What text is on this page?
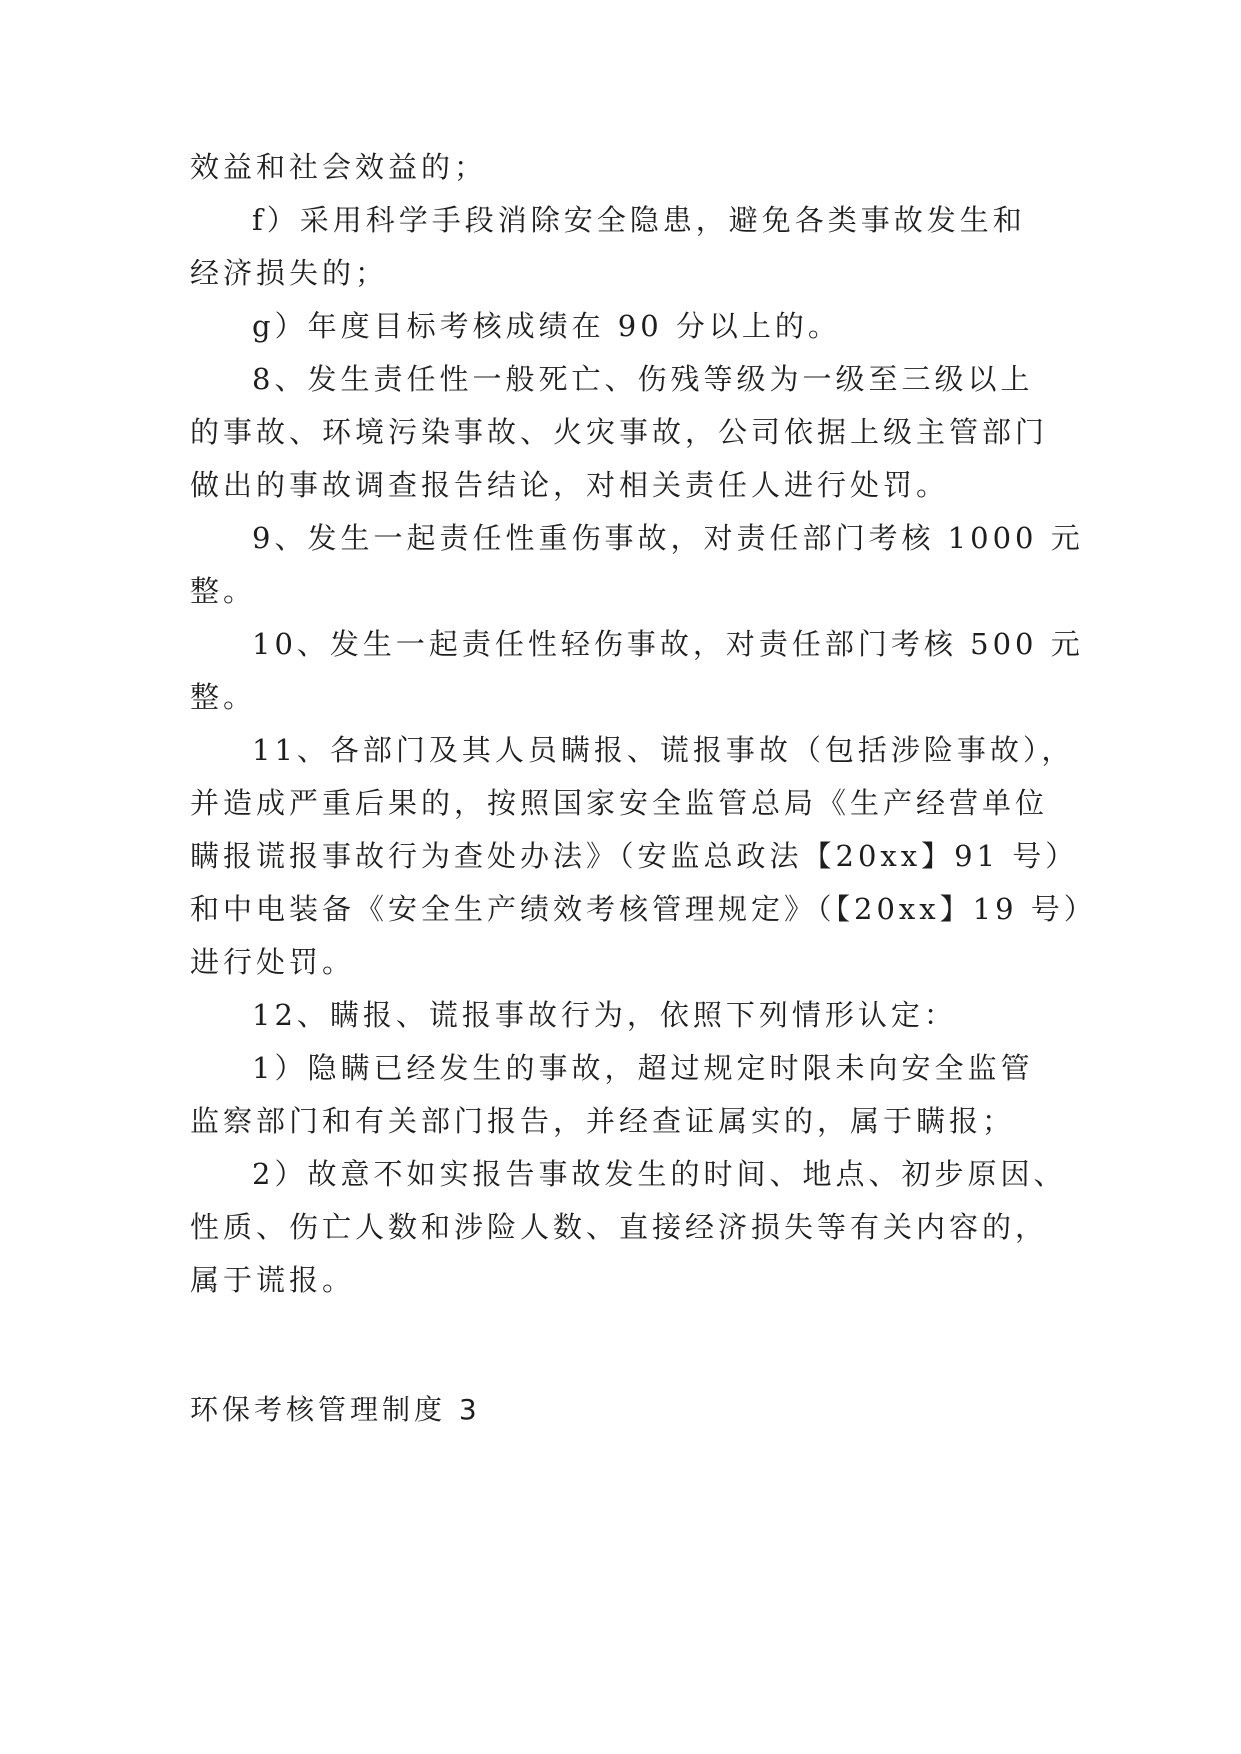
效益和社会效益的；
f）采用科学手段消除安全隐患，避免各类事故发生和
经济损失的；
g）年度目标考核成绩在 90 分以上的。
8、发生责任性一般死亡、伤残等级为一级至三级以上
的事故、环境污染事故、火灾事故，公司依据上级主管部门
做出的事故调查报告结论，对相关责任人进行处罚。
9、发生一起责任性重伤事故，对责任部门考核 1000 元
整。
10、发生一起责任性轻伤事故，对责任部门考核 500 元
整。
11、各部门及其人员瞒报、谎报事故（包括涉险事故），
并造成严重后果的，按照国家安全监管总局《生产经营单位
瞒报谎报事故行为查处办法》（安监总政法【20xx】91 号）
和中电装备《安全生产绩效考核管理规定》（【20xx】19 号）
进行处罚。
12、瞒报、谎报事故行为，依照下列情形认定：
1）隐瞒已经发生的事故，超过规定时限未向安全监管
监察部门和有关部门报告，并经查证属实的，属于瞒报；
2）故意不如实报告事故发生的时间、地点、初步原因、
性质、伤亡人数和涉险人数、直接经济损失等有关内容的，
属于谎报。
环保考核管理制度 3
